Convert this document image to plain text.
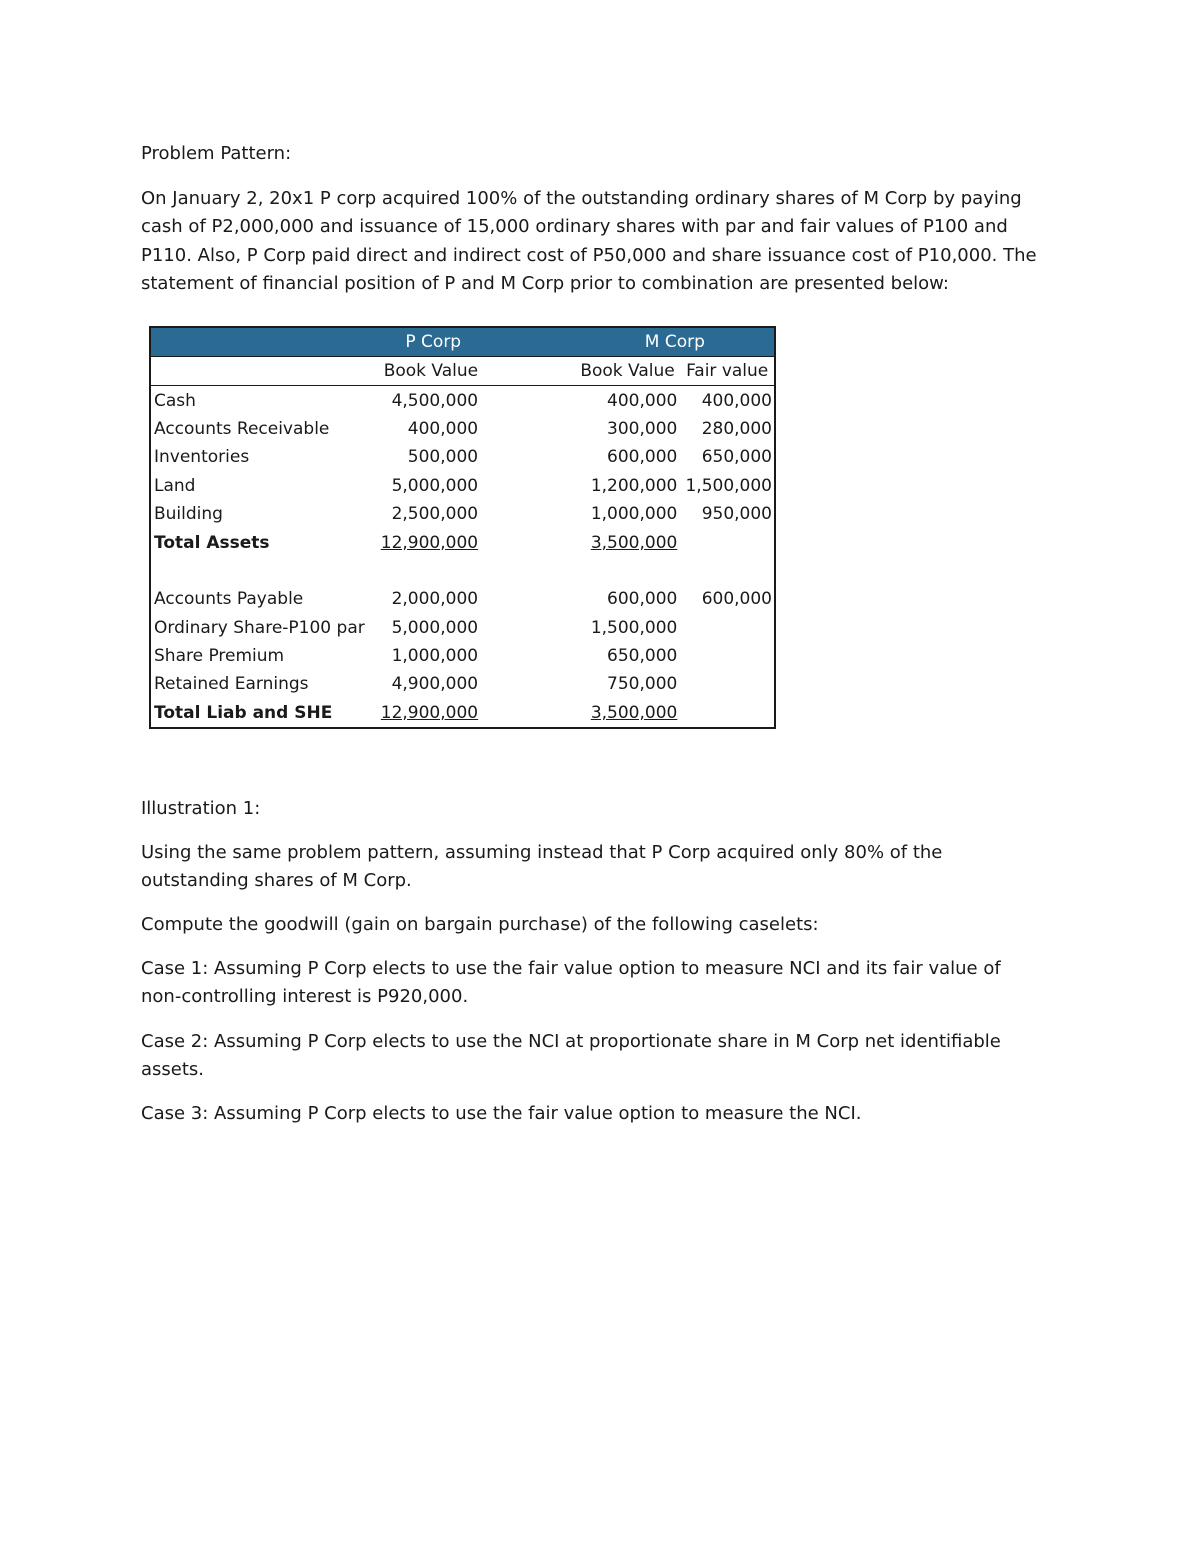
Problem Pattern:

On January 2, 20x1 P corp acquired 100% of the outstanding ordinary shares of M Corp by paying
cash of P2,000,000 and issuance of 15,000 ordinary shares with par and fair values of P100 and
P110. Also, P Corp paid direct and indirect cost of P50,000 and share issuance cost of P10,000. The
statement of financial position of P and M Corp prior to combination are presented below:

	P Corp		M Corp	
	Book Value		Book Value	Fair value
Cash	4,500,000		400,000	400,000
Accounts Receivable	400,000		300,000	280,000
Inventories	500,000		600,000	650,000
Land	5,000,000		1,200,000	1,500,000
Building	2,500,000		1,000,000	950,000
Total Assets	12,900,000		3,500,000	

Accounts Payable	2,000,000		600,000	600,000
Ordinary Share-P100 par	5,000,000		1,500,000	
Share Premium	1,000,000		650,000	
Retained Earnings	4,900,000		750,000	
Total Liab and SHE	12,900,000		3,500,000	

Illustration 1:

Using the same problem pattern, assuming instead that P Corp acquired only 80% of the
outstanding shares of M Corp.

Compute the goodwill (gain on bargain purchase) of the following caselets:

Case 1: Assuming P Corp elects to use the fair value option to measure NCI and its fair value of
non-controlling interest is P920,000.

Case 2: Assuming P Corp elects to use the NCI at proportionate share in M Corp net identifiable
assets.

Case 3: Assuming P Corp elects to use the fair value option to measure the NCI.
